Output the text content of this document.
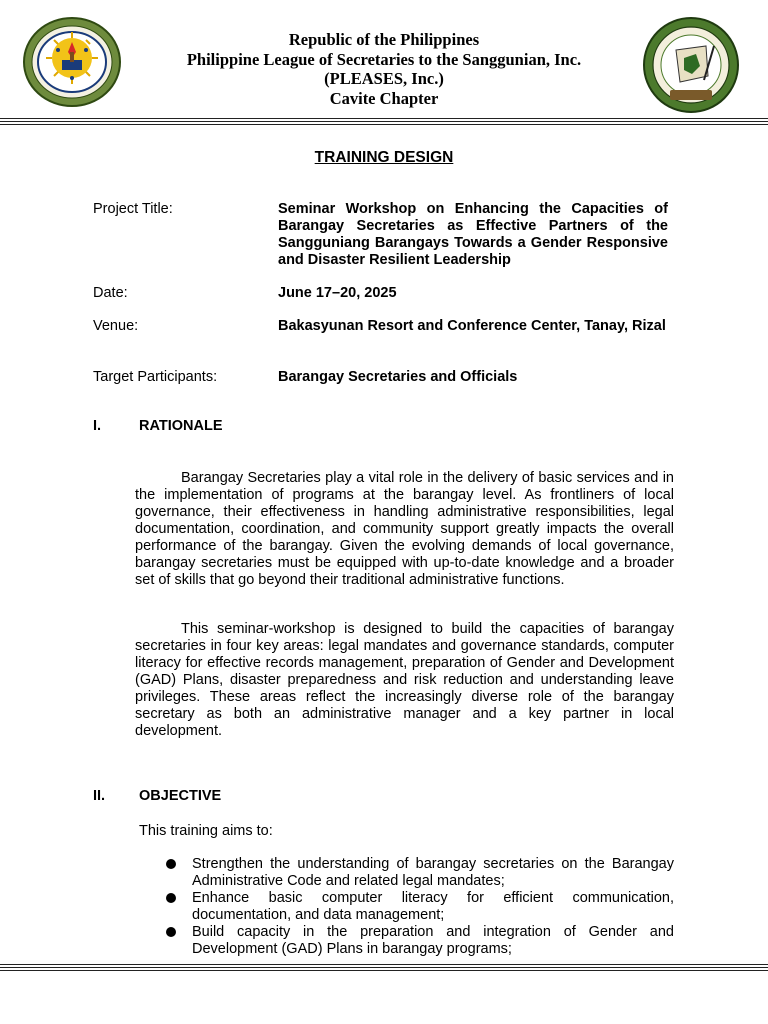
Republic of the Philippines
Philippine League of Secretaries to the Sanggunian, Inc.
(PLEASES, Inc.)
Cavite Chapter
TRAINING DESIGN
Project Title:	Seminar Workshop on Enhancing the Capacities of Barangay Secretaries as Effective Partners of the Sangguniang Barangays Towards a Gender Responsive and Disaster Resilient Leadership
Date:	June 17–20, 2025
Venue:	Bakasyunan Resort and Conference Center, Tanay, Rizal
Target Participants:	Barangay Secretaries and Officials
I.	RATIONALE

Barangay Secretaries play a vital role in the delivery of basic services and in the implementation of programs at the barangay level. As frontliners of local governance, their effectiveness in handling administrative responsibilities, legal documentation, coordination, and community support greatly impacts the overall performance of the barangay. Given the evolving demands of local governance, barangay secretaries must be equipped with up-to-date knowledge and a broader set of skills that go beyond their traditional administrative functions.

This seminar-workshop is designed to build the capacities of barangay secretaries in four key areas: legal mandates and governance standards, computer literacy for effective records management, preparation of Gender and Development (GAD) Plans, disaster preparedness and risk reduction and understanding leave privileges. These areas reflect the increasingly diverse role of the barangay secretary as both an administrative manager and a key partner in local development.

II. OBJECTIVE
This training aims to:
Strengthen the understanding of barangay secretaries on the Barangay Administrative Code and related legal mandates;
Enhance basic computer literacy for efficient communication, documentation, and data management;
Build capacity in the preparation and integration of Gender and Development (GAD) Plans in barangay programs;
